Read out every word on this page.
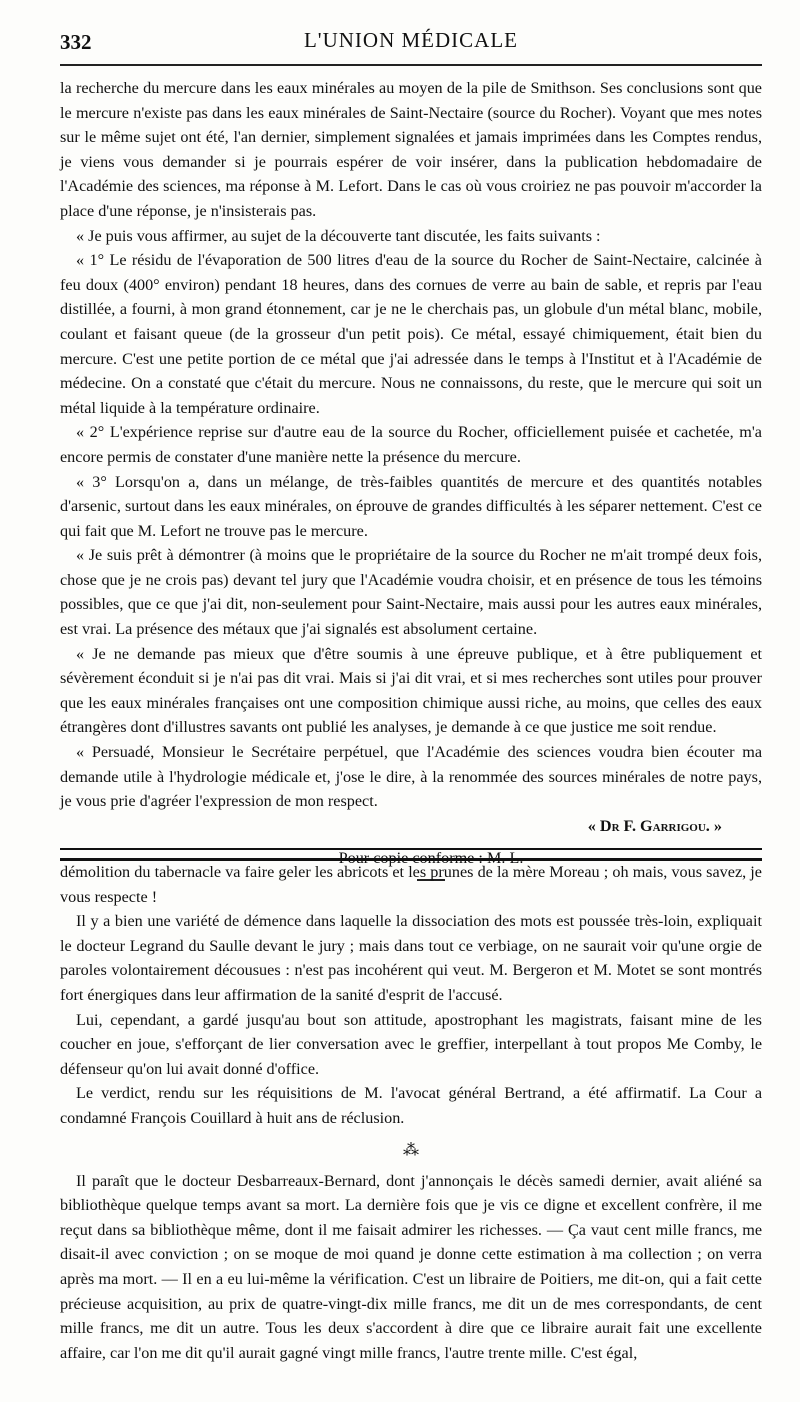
332	L'UNION MÉDICALE

la recherche du mercure dans les eaux minérales au moyen de la pile de Smithson. Ses conclusions sont que le mercure n'existe pas dans les eaux minérales de Saint-Nectaire (source du Rocher). Voyant que mes notes sur le même sujet ont été, l'an dernier, simplement signalées et jamais imprimées dans les Comptes rendus, je viens vous demander si je pourrais espérer de voir insérer, dans la publication hebdomadaire de l'Académie des sciences, ma réponse à M. Lefort. Dans le cas où vous croiriez ne pas pouvoir m'accorder la place d'une réponse, je n'insisterais pas.

« Je puis vous affirmer, au sujet de la découverte tant discutée, les faits suivants :

« 1° Le résidu de l'évaporation de 500 litres d'eau de la source du Rocher de Saint-Nectaire, calcinée à feu doux (400° environ) pendant 18 heures, dans des cornues de verre au bain de sable, et repris par l'eau distillée, a fourni, à mon grand étonnement, car je ne le cherchais pas, un globule d'un métal blanc, mobile, coulant et faisant queue (de la grosseur d'un petit pois). Ce métal, essayé chimiquement, était bien du mercure. C'est une petite portion de ce métal que j'ai adressée dans le temps à l'Institut et à l'Académie de médecine. On a constaté que c'était du mercure. Nous ne connaissons, du reste, que le mercure qui soit un métal liquide à la température ordinaire.

« 2° L'expérience reprise sur d'autre eau de la source du Rocher, officiellement puisée et cachetée, m'a encore permis de constater d'une manière nette la présence du mercure.

« 3° Lorsqu'on a, dans un mélange, de très-faibles quantités de mercure et des quantités notables d'arsenic, surtout dans les eaux minérales, on éprouve de grandes difficultés à les séparer nettement. C'est ce qui fait que M. Lefort ne trouve pas le mercure.

« Je suis prêt à démontrer (à moins que le propriétaire de la source du Rocher ne m'ait trompé deux fois, chose que je ne crois pas) devant tel jury que l'Académie voudra choisir, et en présence de tous les témoins possibles, que ce que j'ai dit, non-seulement pour Saint-Nectaire, mais aussi pour les autres eaux minérales, est vrai. La présence des métaux que j'ai signalés est absolument certaine.

« Je ne demande pas mieux que d'être soumis à une épreuve publique, et à être publiquement et sévèrement éconduit si je n'ai pas dit vrai. Mais si j'ai dit vrai, et si mes recherches sont utiles pour prouver que les eaux minérales françaises ont une composition chimique aussi riche, au moins, que celles des eaux étrangères dont d'illustres savants ont publié les analyses, je demande à ce que justice me soit rendue.

« Persuadé, Monsieur le Secrétaire perpétuel, que l'Académie des sciences voudra bien écouter ma demande utile à l'hydrologie médicale et, j'ose le dire, à la renommée des sources minérales de notre pays, je vous prie d'agréer l'expression de mon respect.

« Dr F. Garrigou. »

Pour copie conforme : M. L.

démolition du tabernacle va faire geler les abricots et les prunes de la mère Moreau ; oh mais, vous savez, je vous respecte !

Il y a bien une variété de démence dans laquelle la dissociation des mots est poussée très-loin, expliquait le docteur Legrand du Saulle devant le jury ; mais dans tout ce verbiage, on ne saurait voir qu'une orgie de paroles volontairement décousues : n'est pas incohérent qui veut. M. Bergeron et M. Motet se sont montrés fort énergiques dans leur affirmation de la sanité d'esprit de l'accusé.

Lui, cependant, a gardé jusqu'au bout son attitude, apostrophant les magistrats, faisant mine de les coucher en joue, s'efforçant de lier conversation avec le greffier, interpellant à tout propos Me Comby, le défenseur qu'on lui avait donné d'office.

Le verdict, rendu sur les réquisitions de M. l'avocat général Bertrand, a été affirmatif. La Cour a condamné François Couillard à huit ans de réclusion.

⁂

Il paraît que le docteur Desbarreaux-Bernard, dont j'annonçais le décès samedi dernier, avait aliéné sa bibliothèque quelque temps avant sa mort. La dernière fois que je vis ce digne et excellent confrère, il me reçut dans sa bibliothèque même, dont il me faisait admirer les richesses. — Ça vaut cent mille francs, me disait-il avec conviction ; on se moque de moi quand je donne cette estimation à ma collection ; on verra après ma mort. — Il en a eu lui-même la vérification. C'est un libraire de Poitiers, me dit-on, qui a fait cette précieuse acquisition, au prix de quatre-vingt-dix mille francs, me dit un de mes correspondants, de cent mille francs, me dit un autre. Tous les deux s'accordent à dire que ce libraire aurait fait une excellente affaire, car l'on me dit qu'il aurait gagné vingt mille francs, l'autre trente mille. C'est égal,
